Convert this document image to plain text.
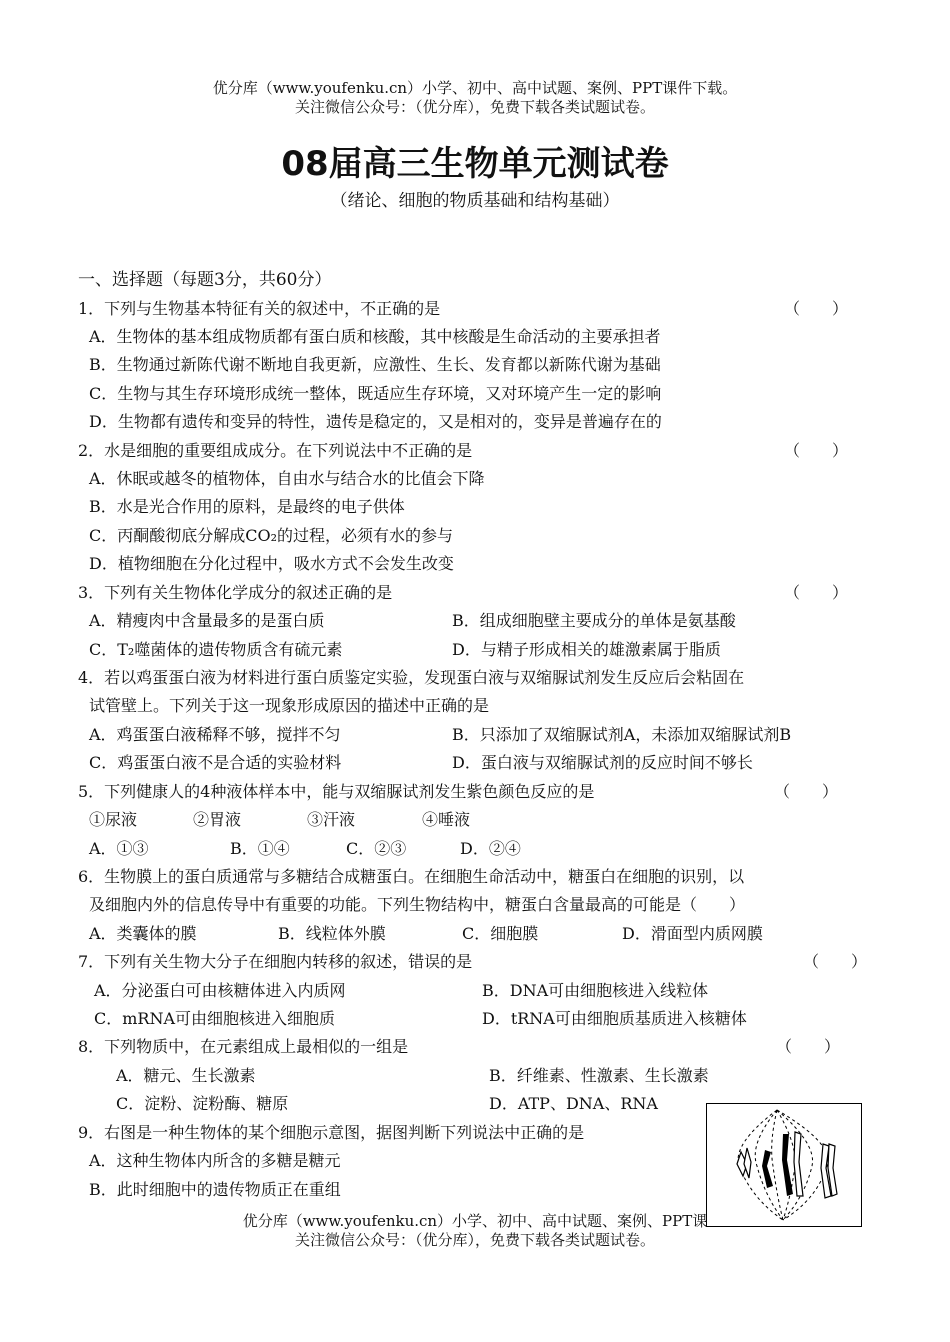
优分库（www.youfenku.cn）小学、初中、高中试题、案例、PPT课件下载。
关注微信公众号：（优分库），免费下载各类试题试卷。
08届高三生物单元测试卷
（绪论、细胞的物质基础和结构基础）
一、选择题（每题3分，共60分）
1．下列与生物基本特征有关的叙述中，不正确的是	（　　）
A．生物体的基本组成物质都有蛋白质和核酸，其中核酸是生命活动的主要承担者
B．生物通过新陈代谢不断地自我更新，应激性、生长、发育都以新陈代谢为基础
C．生物与其生存环境形成统一整体，既适应生存环境，又对环境产生一定的影响
D．生物都有遗传和变异的特性，遗传是稳定的，又是相对的，变异是普遍存在的
2．水是细胞的重要组成成分。在下列说法中不正确的是	（　　）
A．休眠或越冬的植物体，自由水与结合水的比值会下降
B．水是光合作用的原料，是最终的电子供体
C．丙酮酸彻底分解成CO₂的过程，必须有水的参与
D．植物细胞在分化过程中，吸水方式不会发生改变
3．下列有关生物体化学成分的叙述正确的是	（　　）
A．精瘦肉中含量最多的是蛋白质	B．组成细胞壁主要成分的单体是氨基酸
C．T₂噬菌体的遗传物质含有硫元素	D．与精子形成相关的雄激素属于脂质
4．若以鸡蛋蛋白液为材料进行蛋白质鉴定实验，发现蛋白液与双缩脲试剂发生反应后会粘固在
试管壁上。下列关于这一现象形成原因的描述中正确的是
A．鸡蛋蛋白液稀释不够，搅拌不匀	B．只添加了双缩脲试剂A，未添加双缩脲试剂B
C．鸡蛋蛋白液不是合适的实验材料	D．蛋白液与双缩脲试剂的反应时间不够长
5．下列健康人的4种液体样本中，能与双缩脲试剂发生紫色颜色反应的是	（　　）
①尿液	②胃液	③汗液	④唾液
A．①③	B．①④	C．②③	D．②④
6．生物膜上的蛋白质通常与多糖结合成糖蛋白。在细胞生命活动中，糖蛋白在细胞的识别，以
及细胞内外的信息传导中有重要的功能。下列生物结构中，糖蛋白含量最高的可能是（　　）
A．类囊体的膜	B．线粒体外膜	C．细胞膜	D．滑面型内质网膜
7．下列有关生物大分子在细胞内转移的叙述，错误的是	（　　）
A．分泌蛋白可由核糖体进入内质网	B．DNA可由细胞核进入线粒体
C．mRNA可由细胞核进入细胞质	D．tRNA可由细胞质基质进入核糖体
8．下列物质中，在元素组成上最相似的一组是	（　　）
A．糖元、生长激素	B．纤维素、性激素、生长激素
C．淀粉、淀粉酶、糖原	D．ATP、DNA、RNA
9．右图是一种生物体的某个细胞示意图，据图判断下列说法中正确的是
A．这种生物体内所含的多糖是糖元
B．此时细胞中的遗传物质正在重组
优分库（www.youfenku.cn）小学、初中、高中试题、案例、PPT课
关注微信公众号：（优分库），免费下载各类试题试卷。
